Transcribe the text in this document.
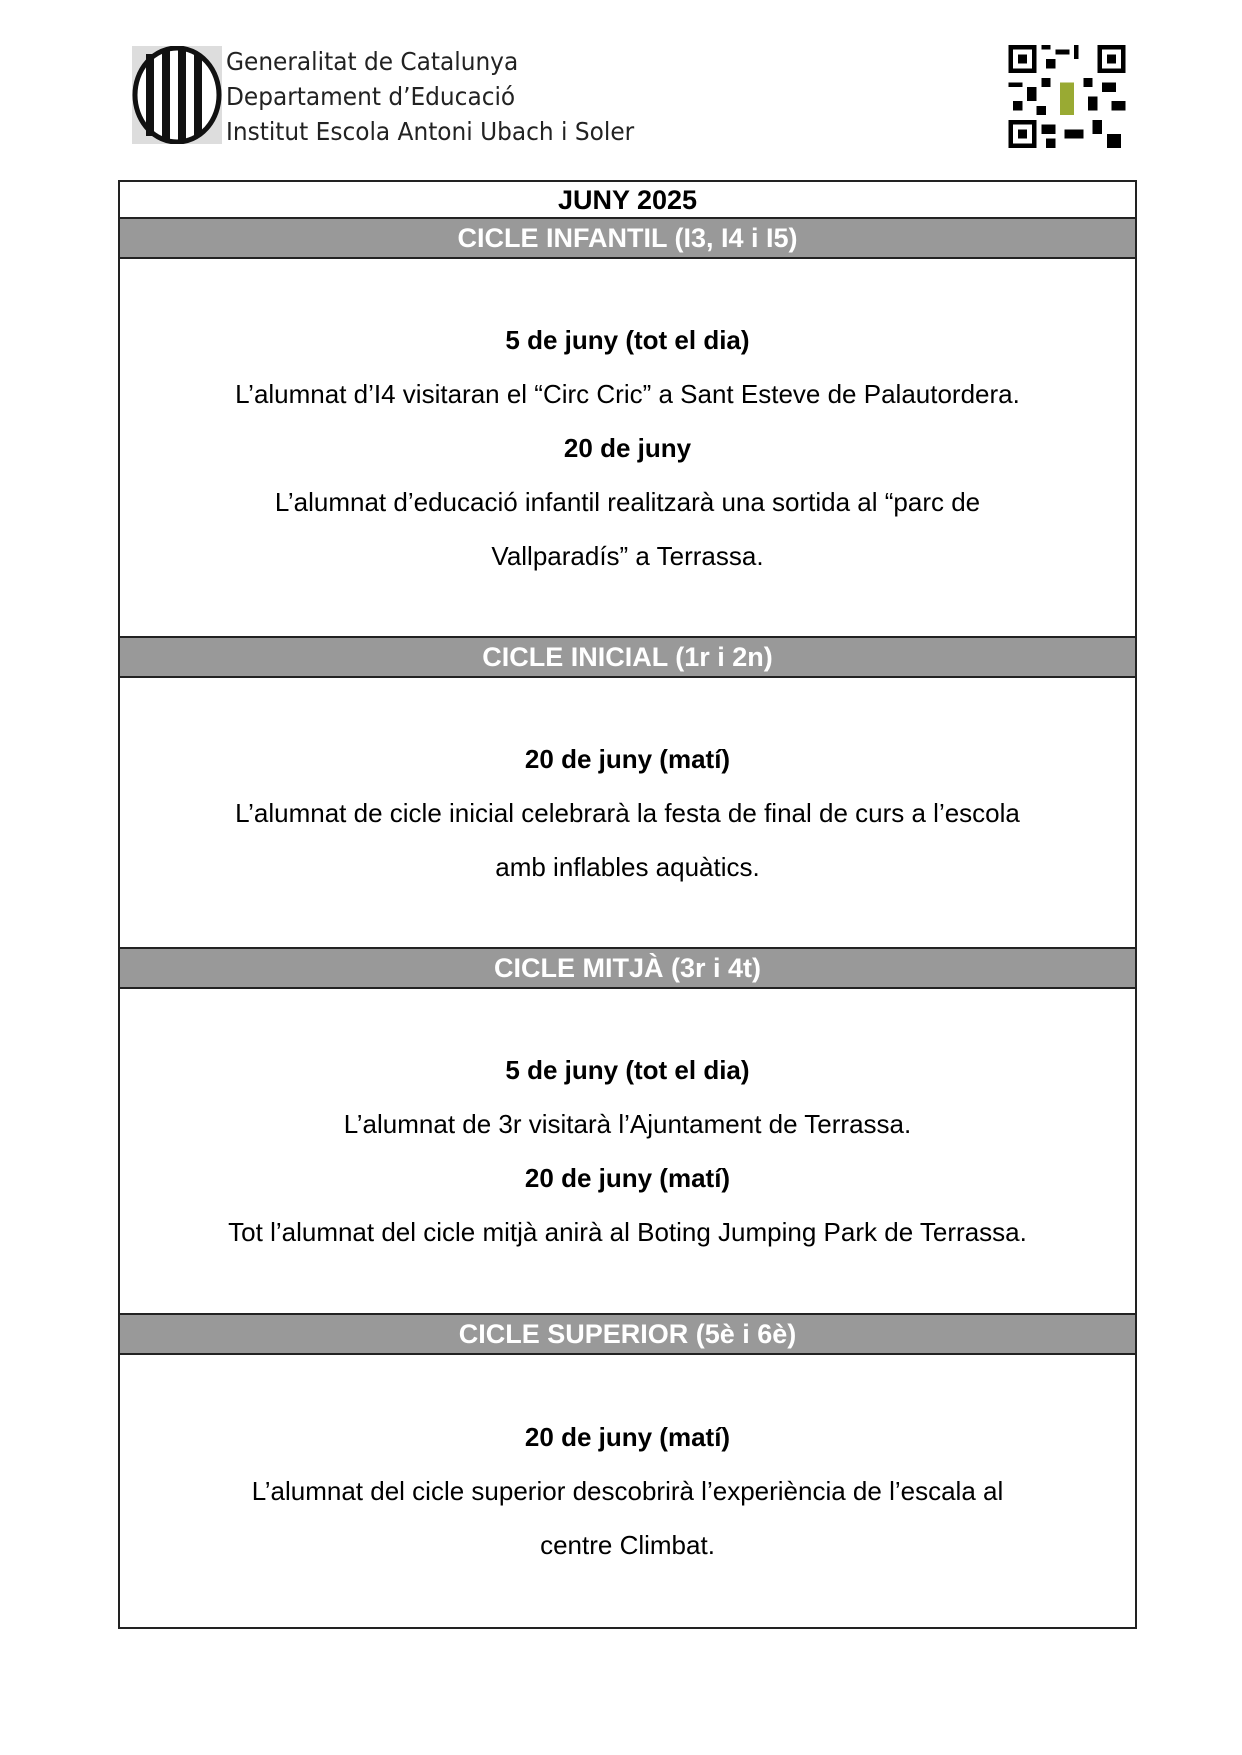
Generalitat de Catalunya
Departament d’Educació
Institut Escola Antoni Ubach i Soler
JUNY 2025
CICLE INFANTIL (I3, I4 i I5)
5 de juny (tot el dia)
L’alumnat d’I4 visitaran el “Circ Cric” a Sant Esteve de Palautordera.
20 de juny
L’alumnat d’educació infantil realitzarà una sortida al “parc de
Vallparadís” a Terrassa.
CICLE INICIAL (1r i 2n)
20 de juny (matí)
L’alumnat de cicle inicial celebrarà la festa de final de curs a l’escola
amb inflables aquàtics.
CICLE MITJÀ (3r i 4t)
5 de juny (tot el dia)
L’alumnat de 3r visitarà l’Ajuntament de Terrassa.
20 de juny (matí)
Tot l’alumnat del cicle mitjà anirà al Boting Jumping Park de Terrassa.
CICLE SUPERIOR (5è i 6è)
20 de juny (matí)
L’alumnat del cicle superior descobrirà l’experiència de l’escala al
centre Climbat.
